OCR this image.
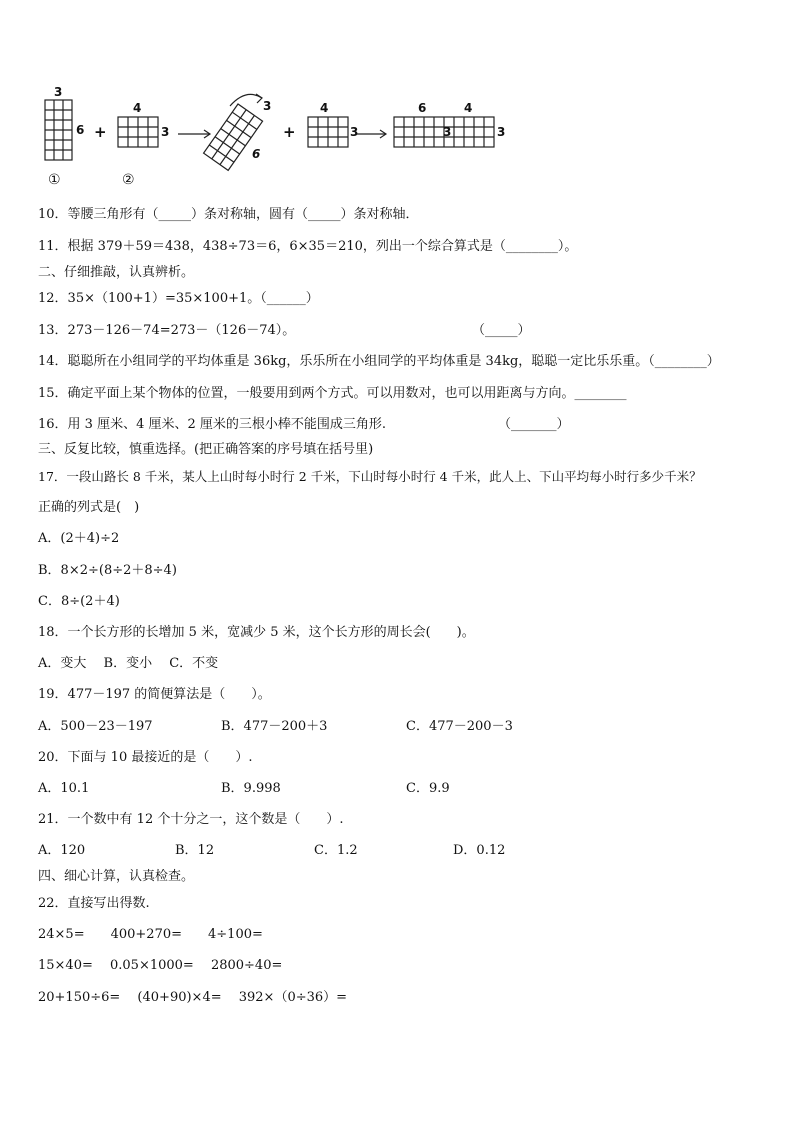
3
6 +
4
3
3
6
+
4
3
6	4
3	3
①	②
10．等腰三角形有（_____）条对称轴，圆有（_____）条对称轴．
11．根据 379＋59＝438，438÷73＝6，6×35＝210，列出一个综合算式是（________）。
二、仔细推敲，认真辨析。
12．35×（100+1）=35×100+1。（______）
13．273－126－74=273－（126－74）。	（_____）
14．聪聪所在小组同学的平均体重是 36kg，乐乐所在小组同学的平均体重是 34kg，聪聪一定比乐乐重。（________）
15．确定平面上某个物体的位置，一般要用到两个方式。可以用数对，也可以用距离与方向。________
16．用 3 厘米、4 厘米、2 厘米的三根小棒不能围成三角形.	（_______）
三、反复比较，慎重选择。(把正确答案的序号填在括号里)
17．一段山路长 8 千米，某人上山时每小时行 2 千米，下山时每小时行 4 千米，此人上、下山平均每小时行多少千米？
正确的列式是(　)
A．(2＋4)÷2
B．8×2÷(8÷2＋8÷4)
C．8÷(2＋4)
18．一个长方形的长增加 5 米，宽减少 5 米，这个长方形的周长会(　　)。
A．变大　 B．变小　 C．不变
19．477－197 的简便算法是（　　）。
A．500－23－197	B．477－200＋3	C．477－200－3
20．下面与 10 最接近的是（　　）.
A．10.1	B．9.998	C．9.9
21．一个数中有 12 个十分之一，这个数是（　　）.
A．120	B．12	C．1.2	D．0.12
四、细心计算，认真检查。
22．直接写出得数.
24×5=　　400+270=　　4÷100=
15×40=　 0.05×1000=　 2800÷40=
20+150÷6=　 (40+90)×4=　 392×（0÷36）=
